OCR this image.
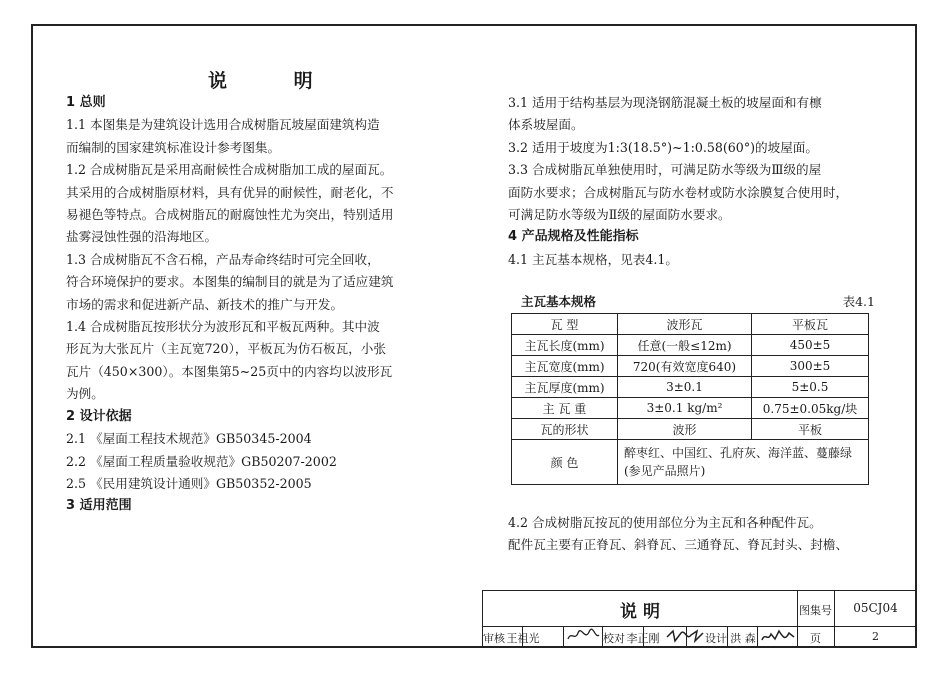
说 明
1 总则
1.1 本图集是为建筑设计选用合成树脂瓦坡屋面建筑构造
而编制的国家建筑标准设计参考图集。
1.2 合成树脂瓦是采用高耐候性合成树脂加工成的屋面瓦。
其采用的合成树脂原材料，具有优异的耐候性，耐老化，不
易褪色等特点。合成树脂瓦的耐腐蚀性尤为突出，特别适用
盐雾浸蚀性强的沿海地区。
1.3 合成树脂瓦不含石棉，产品寿命终结时可完全回收，
符合环境保护的要求。本图集的编制目的就是为了适应建筑
市场的需求和促进新产品、新技术的推广与开发。
1.4 合成树脂瓦按形状分为波形瓦和平板瓦两种。其中波
形瓦为大张瓦片（主瓦宽720），平板瓦为仿石板瓦，小张
瓦片（450×300）。本图集第5~25页中的内容均以波形瓦
为例。
2 设计依据
2.1 《屋面工程技术规范》GB50345-2004
2.2 《屋面工程质量验收规范》GB50207-2002
2.5 《民用建筑设计通则》GB50352-2005
3 适用范围
3.1 适用于结构基层为现浇钢筋混凝土板的坡屋面和有檩
体系坡屋面。
3.2 适用于坡度为1:3(18.5°)~1:0.58(60°)的坡屋面。
3.3 合成树脂瓦单独使用时，可满足防水等级为Ⅲ级的屋
面防水要求；合成树脂瓦与防水卷材或防水涂膜复合使用时，
可满足防水等级为Ⅱ级的屋面防水要求。
4 产品规格及性能指标
4.1 主瓦基本规格，见表4.1。
主瓦基本规格	表4.1
瓦 型	波形瓦	平板瓦
主瓦长度(mm)	任意(一般≤12m)	450±5
主瓦宽度(mm)	720(有效宽度640)	300±5
主瓦厚度(mm)	3±0.1	5±0.5
主 瓦 重	3±0.1 kg/m²	0.75±0.05kg/块
瓦的形状	波形	平板
颜 色	醉枣红、中国红、孔府灰、海洋蓝、蔓藤绿(参见产品照片)	
4.2 合成树脂瓦按瓦的使用部位分为主瓦和各种配件瓦。
配件瓦主要有正脊瓦、斜脊瓦、三通脊瓦、脊瓦封头、封檐、
说 明	图集号	05CJ04
页	2
审核 王祖光	校对 李正刚	设计 洪 森
